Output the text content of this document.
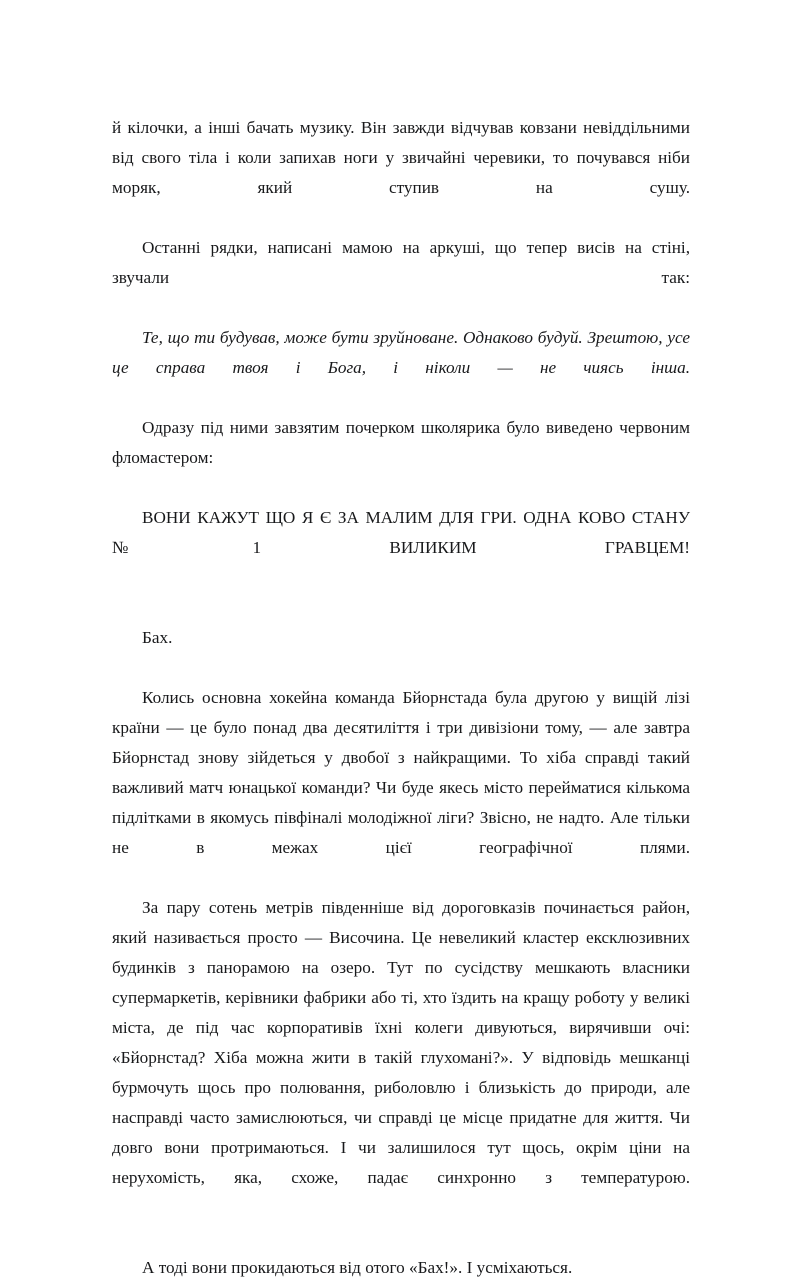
й кілочки, а інші бачать музику. Він завжди відчував ковзани невіддільними від свого тіла і коли запихав ноги у звичайні черевики, то почувався ніби моряк, який ступив на сушу.

Останні рядки, написані мамою на аркуші, що тепер висів на стіні, звучали так:

Те, що ти будував, може бути зруйноване. Однаково будуй. Зрештою, усе це справа твоя і Бога, і ніколи — не чиясь інша.

Одразу під ними завзятим почерком школярика було виведено червоним фломастером:

ВОНИ КАЖУТ ЩО Я Є ЗА МАЛИМ ДЛЯ ГРИ. ОДНА КОВО СТАНУ №1 ВИЛИКИМ ГРАВЦЕМ!

Бах.

Колись основна хокейна команда Бйорнстада була другою у вищій лізі країни — це було понад два десятиліття і три дивізіони тому, — але завтра Бйорнстад знову зійдеться у двобої з найкращими. То хіба справді такий важливий матч юнацької команди? Чи буде якесь місто перейматися кількома підлітками в якомусь півфіналі молодіжної ліги? Звісно, не надто. Але тільки не в межах цієї географічної плями.

За пару сотень метрів південніше від дороговказів починається район, який називається просто — Височина. Це невеликий кластер ексклюзивних будинків з панорамою на озеро. Тут по сусідству мешкають власники супермаркетів, керівники фабрики або ті, хто їздить на кращу роботу у великі міста, де під час корпоративів їхні колеги дивуються, вирячивши очі: «Бйорнстад? Хіба можна жити в такій глухомані?». У відповідь мешканці бурмочуть щось про полювання, риболовлю і близькість до природи, але насправді часто замислюються, чи справді це місце придатне для життя. Чи довго вони протримаються. І чи залишилося тут щось, окрім ціни на нерухомість, яка, схоже, падає синхронно з температурою.

А тоді вони прокидаються від отого «Бах!». І усміхаються.
